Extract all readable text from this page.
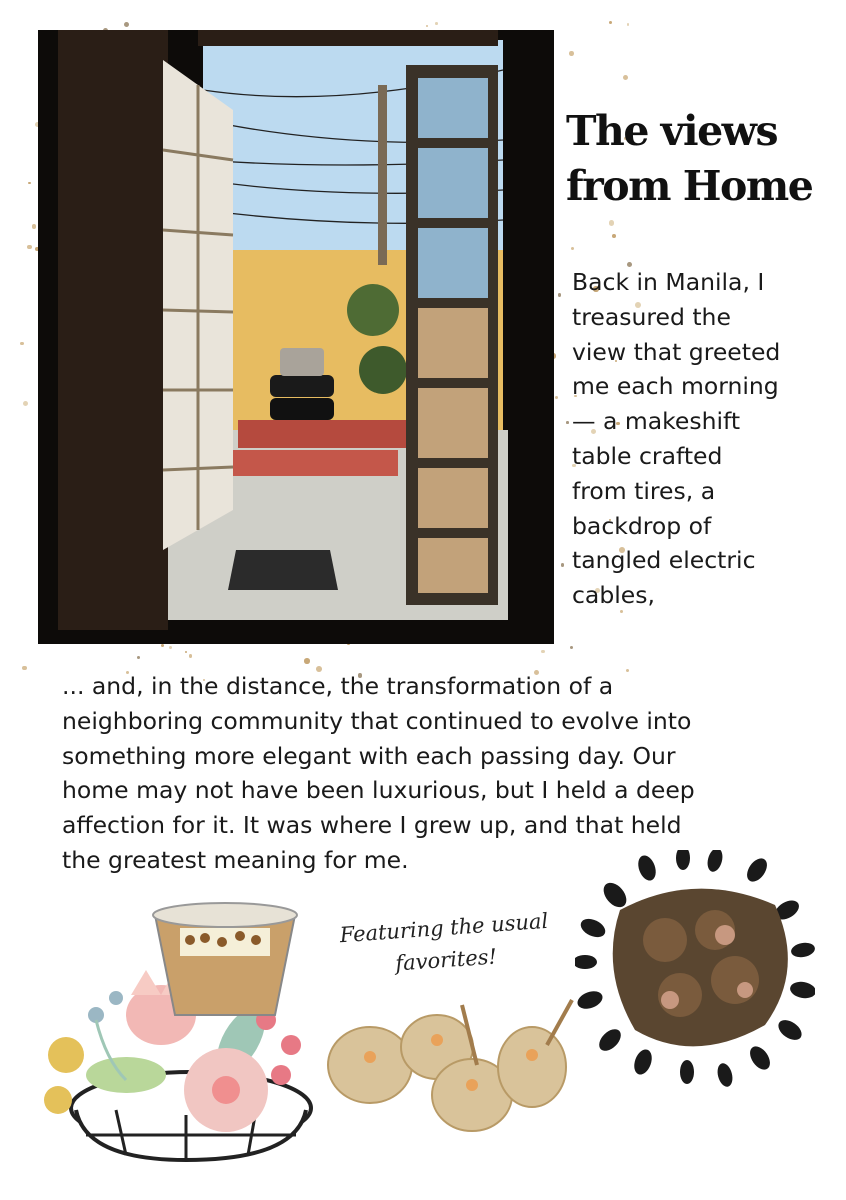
The views
from Home
Back in Manila, I
treasured the
view that greeted
me each morning
— a makeshift
table crafted
from tires, a
backdrop of
tangled electric
cables,
... and, in the distance, the transformation of a
neighboring community that continued to evolve into
something more elegant with each passing day. Our
home may not have been luxurious, but I held a deep
affection for it. It was where I grew up, and that held
the greatest meaning for me.
Featuring the usual
favorites!
